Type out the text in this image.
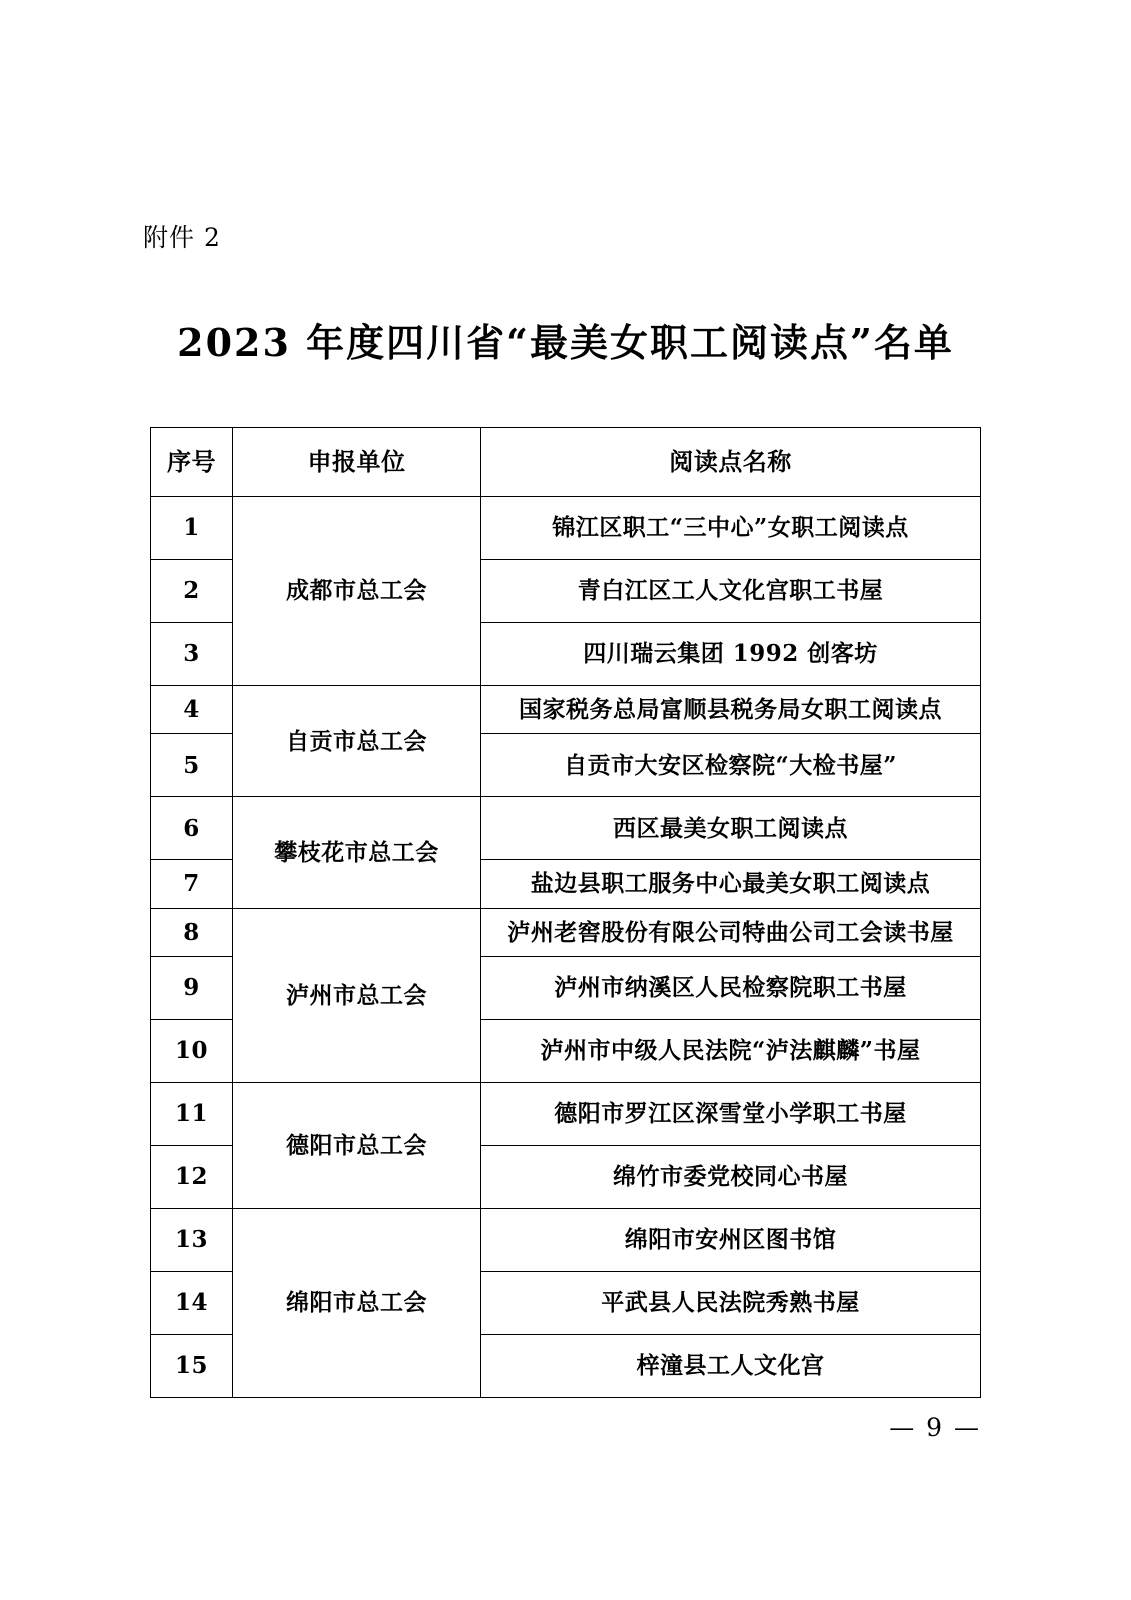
附件 2
2023 年度四川省“最美女职工阅读点”名单
序号	申报单位	阅读点名称
1	成都市总工会	锦江区职工“三中心”女职工阅读点
2		青白江区工人文化宫职工书屋
3		四川瑞云集团 1992 创客坊
4	自贡市总工会	国家税务总局富顺县税务局女职工阅读点
5		自贡市大安区检察院“大检书屋”
6	攀枝花市总工会	西区最美女职工阅读点
7		盐边县职工服务中心最美女职工阅读点
8	泸州市总工会	泸州老窖股份有限公司特曲公司工会读书屋
9		泸州市纳溪区人民检察院职工书屋
10		泸州市中级人民法院“泸法麒麟”书屋
11	德阳市总工会	德阳市罗江区深雪堂小学职工书屋
12		绵竹市委党校同心书屋
13	绵阳市总工会	绵阳市安州区图书馆
14		平武县人民法院秀熟书屋
15		梓潼县工人文化宫
— 9 —
